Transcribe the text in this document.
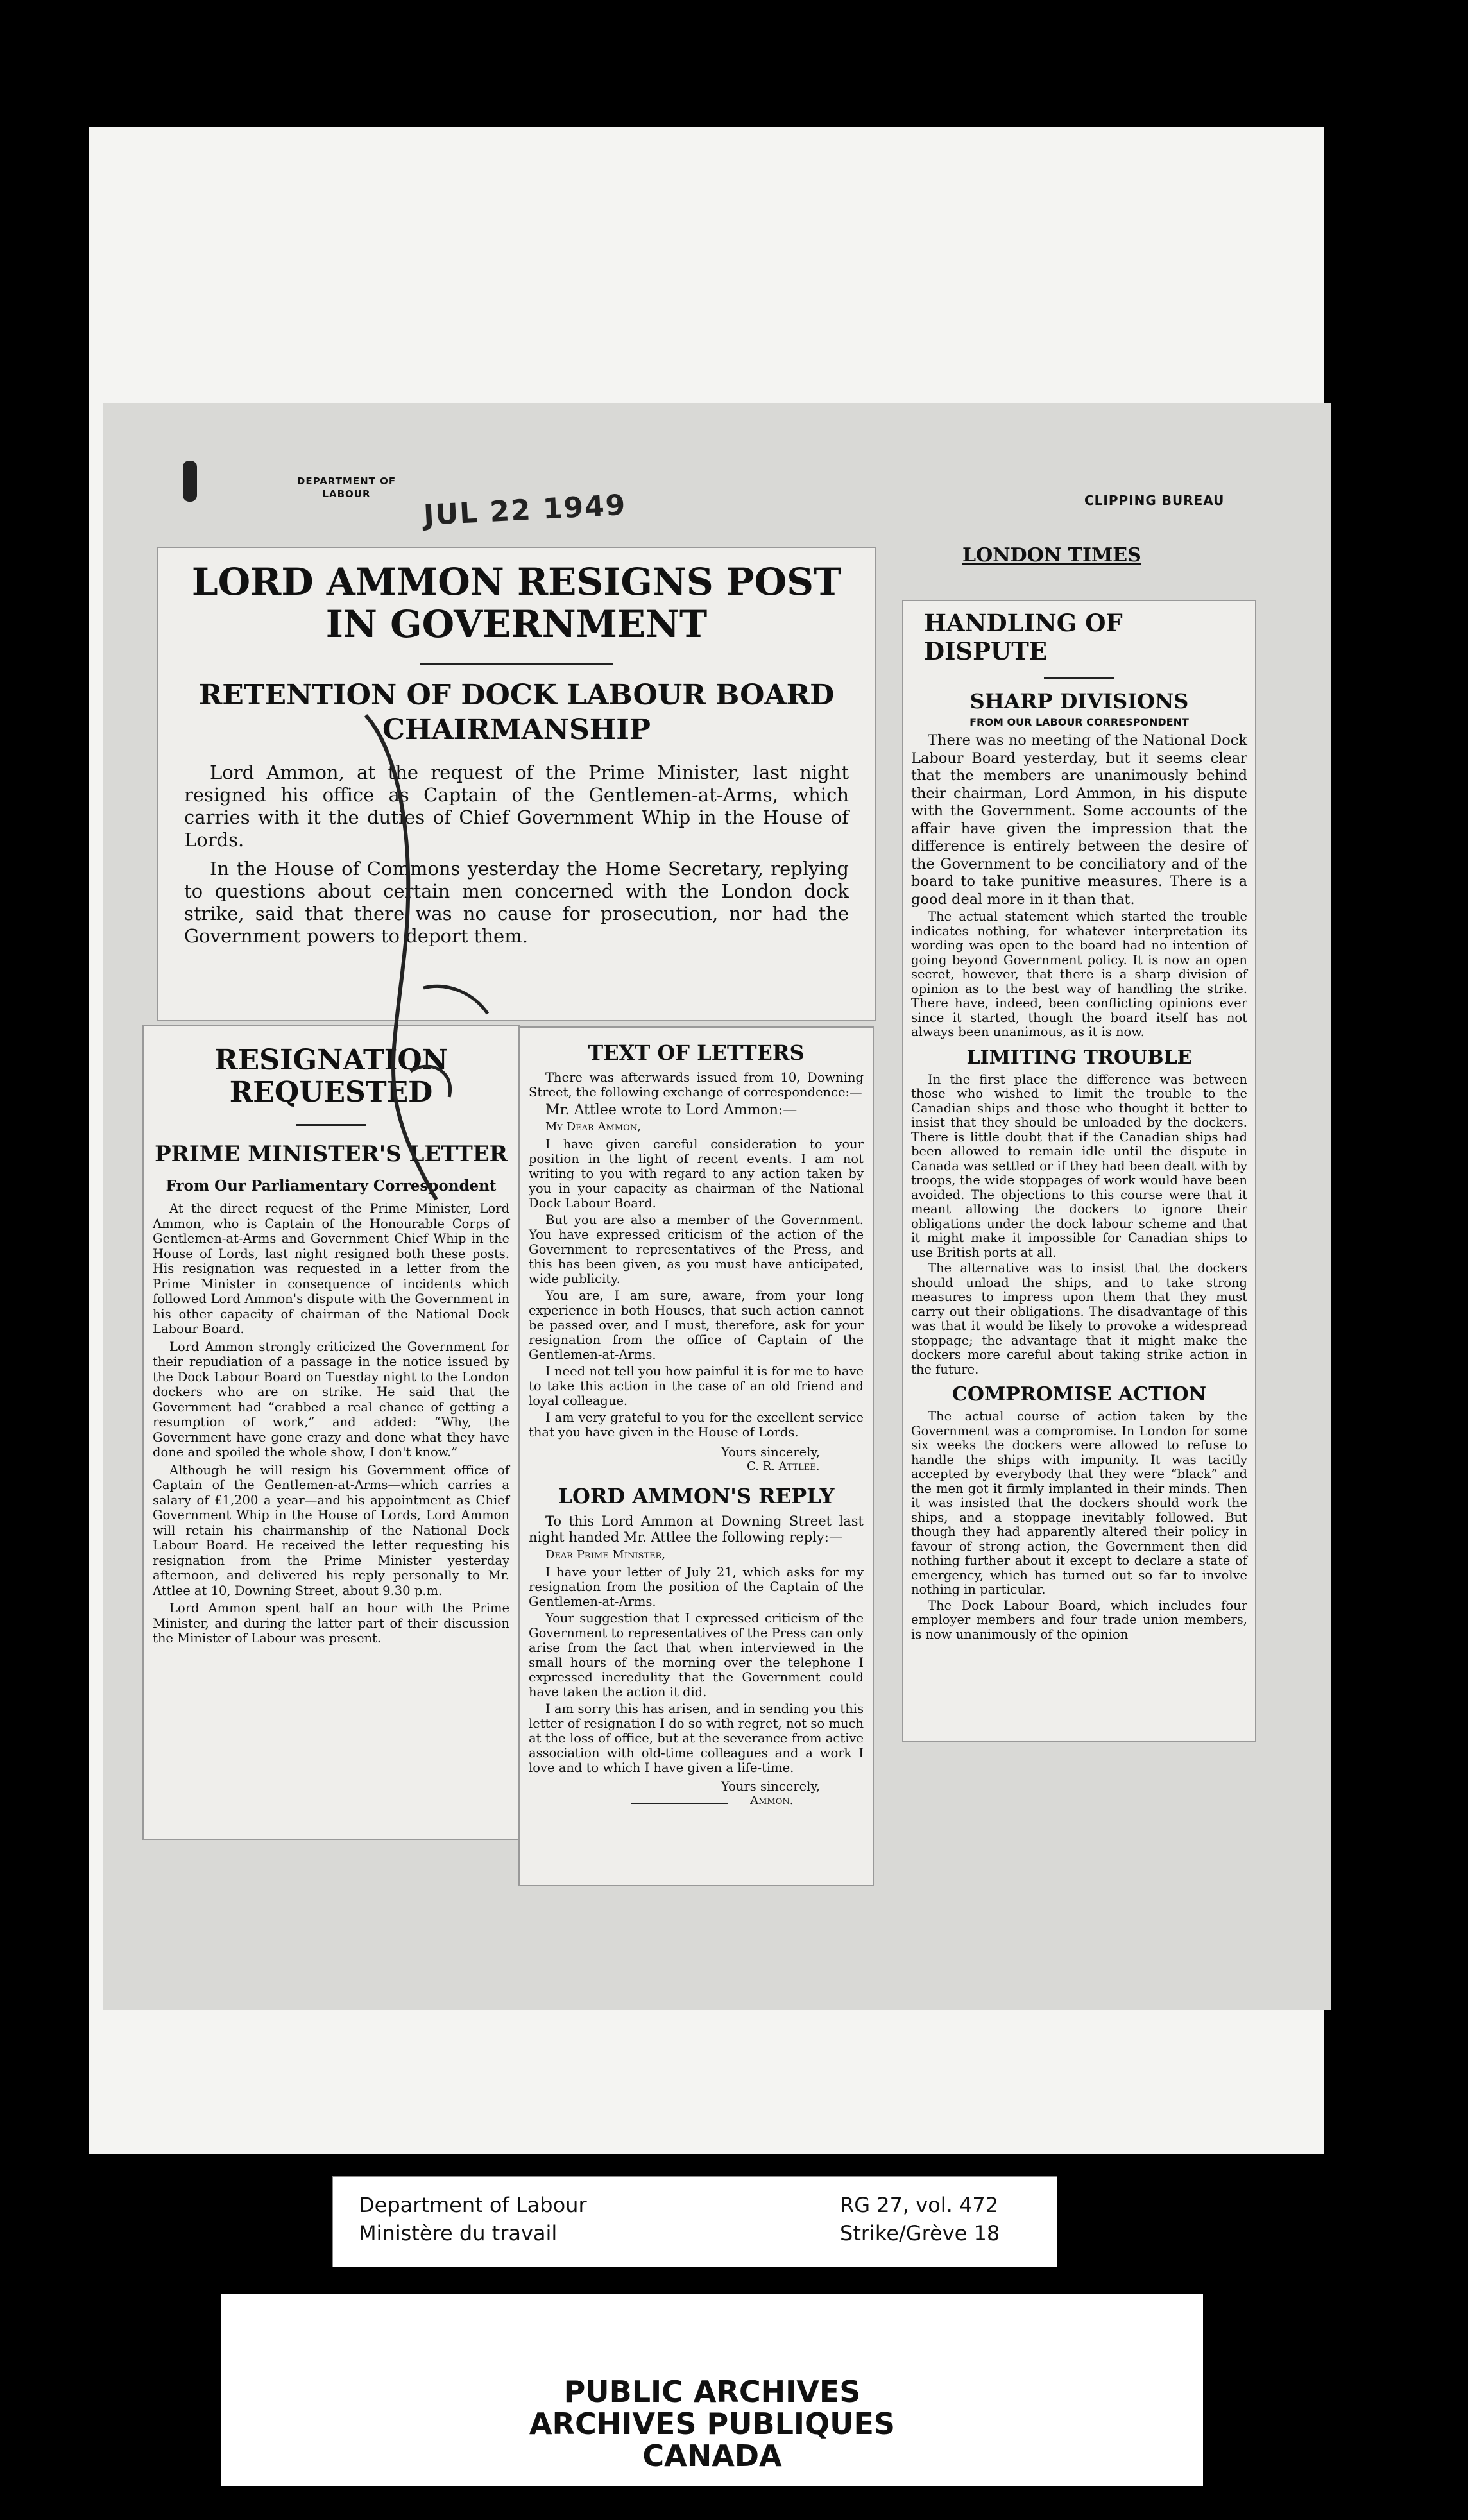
DEPARTMENT OF LABOUR	JUL 22 1949	CLIPPING BUREAU
LONDON TIMES
LORD AMMON RESIGNS POST IN GOVERNMENT
RETENTION OF DOCK LABOUR BOARD CHAIRMANSHIP

Lord Ammon, at the request of the Prime Minister, last night resigned his office as Captain of the Gentlemen-at-Arms, which carries with it the duties of Chief Government Whip in the House of Lords.

In the House of Commons yesterday the Home Secretary, replying to questions about certain men concerned with the London dock strike, said that there was no cause for prosecution, nor had the Government powers to deport them.

RESIGNATION REQUESTED
PRIME MINISTER'S LETTER
From Our Parliamentary Correspondent

At the direct request of the Prime Minister, Lord Ammon, who is Captain of the Honourable Corps of Gentlemen-at-Arms and Government Chief Whip in the House of Lords, last night resigned both these posts. His resignation was requested in a letter from the Prime Minister in consequence of incidents which followed Lord Ammon's dispute with the Government in his other capacity of chairman of the National Dock Labour Board.

Lord Ammon strongly criticized the Government for their repudiation of a passage in the notice issued by the Dock Labour Board on Tuesday night to the London dockers who are on strike. He said that the Government had “crabbed a real chance of getting a resumption of work,” and added: “Why, the Government have gone crazy and done what they have done and spoiled the whole show, I don't know.”

Although he will resign his Government office of Captain of the Gentlemen-at-Arms—which carries a salary of £1,200 a year—and his appointment as Chief Government Whip in the House of Lords, Lord Ammon will retain his chairmanship of the National Dock Labour Board. He received the letter requesting his resignation from the Prime Minister yesterday afternoon, and delivered his reply personally to Mr. Attlee at 10, Downing Street, about 9.30 p.m.

Lord Ammon spent half an hour with the Prime Minister, and during the latter part of their discussion the Minister of Labour was present.

TEXT OF LETTERS

There was afterwards issued from 10, Downing Street, the following exchange of correspondence:—

Mr. Attlee wrote to Lord Ammon:—

My Dear Ammon,

I have given careful consideration to your position in the light of recent events. I am not writing to you with regard to any action taken by you in your capacity as chairman of the National Dock Labour Board.

But you are also a member of the Government. You have expressed criticism of the action of the Government to representatives of the Press, and this has been given, as you must have anticipated, wide publicity.

You are, I am sure, aware, from your long experience in both Houses, that such action cannot be passed over, and I must, therefore, ask for your resignation from the office of Captain of the Gentlemen-at-Arms.

I need not tell you how painful it is for me to have to take this action in the case of an old friend and loyal colleague.

I am very grateful to you for the excellent service that you have given in the House of Lords.

Yours sincerely,

C. R. Attlee.

LORD AMMON'S REPLY

To this Lord Ammon at Downing Street last night handed Mr. Attlee the following reply:—

Dear Prime Minister,

I have your letter of July 21, which asks for my resignation from the position of the Captain of the Gentlemen-at-Arms.

Your suggestion that I expressed criticism of the Government to representatives of the Press can only arise from the fact that when interviewed in the small hours of the morning over the telephone I expressed incredulity that the Government could have taken the action it did.

I am sorry this has arisen, and in sending you this letter of resignation I do so with regret, not so much at the loss of office, but at the severance from active association with old-time colleagues and a work I love and to which I have given a life-time.

Yours sincerely,

Ammon.
HANDLING OF DISPUTE
SHARP DIVISIONS
FROM OUR LABOUR CORRESPONDENT

There was no meeting of the National Dock Labour Board yesterday, but it seems clear that the members are unanimously behind their chairman, Lord Ammon, in his dispute with the Government. Some accounts of the affair have given the impression that the difference is entirely between the desire of the Government to be conciliatory and of the board to take punitive measures. There is a good deal more in it than that.

The actual statement which started the trouble indicates nothing, for whatever interpretation its wording was open to the board had no intention of going beyond Government policy. It is now an open secret, however, that there is a sharp division of opinion as to the best way of handling the strike. There have, indeed, been conflicting opinions ever since it started, though the board itself has not always been unanimous, as it is now.

LIMITING TROUBLE

In the first place the difference was between those who wished to limit the trouble to the Canadian ships and those who thought it better to insist that they should be unloaded by the dockers. There is little doubt that if the Canadian ships had been allowed to remain idle until the dispute in Canada was settled or if they had been dealt with by troops, the wide stoppages of work would have been avoided. The objections to this course were that it meant allowing the dockers to ignore their obligations under the dock labour scheme and that it might make it impossible for Canadian ships to use British ports at all.

The alternative was to insist that the dockers should unload the ships, and to take strong measures to impress upon them that they must carry out their obligations. The disadvantage of this was that it would be likely to provoke a widespread stoppage; the advantage that it might make the dockers more careful about taking strike action in the future.

COMPROMISE ACTION

The actual course of action taken by the Government was a compromise. In London for some six weeks the dockers were allowed to refuse to handle the ships with impunity. It was tacitly accepted by everybody that they were “black” and the men got it firmly implanted in their minds. Then it was insisted that the dockers should work the ships, and a stoppage inevitably followed. But though they had apparently altered their policy in favour of strong action, the Government then did nothing further about it except to declare a state of emergency, which has turned out so far to involve nothing in particular.

The Dock Labour Board, which includes four employer members and four trade union members, is now unanimously of the opinion

Department of Labour
Ministère du travail
RG 27, vol. 472
Strike/Grève 18
PUBLIC ARCHIVES
ARCHIVES PUBLIQUES
CANADA
